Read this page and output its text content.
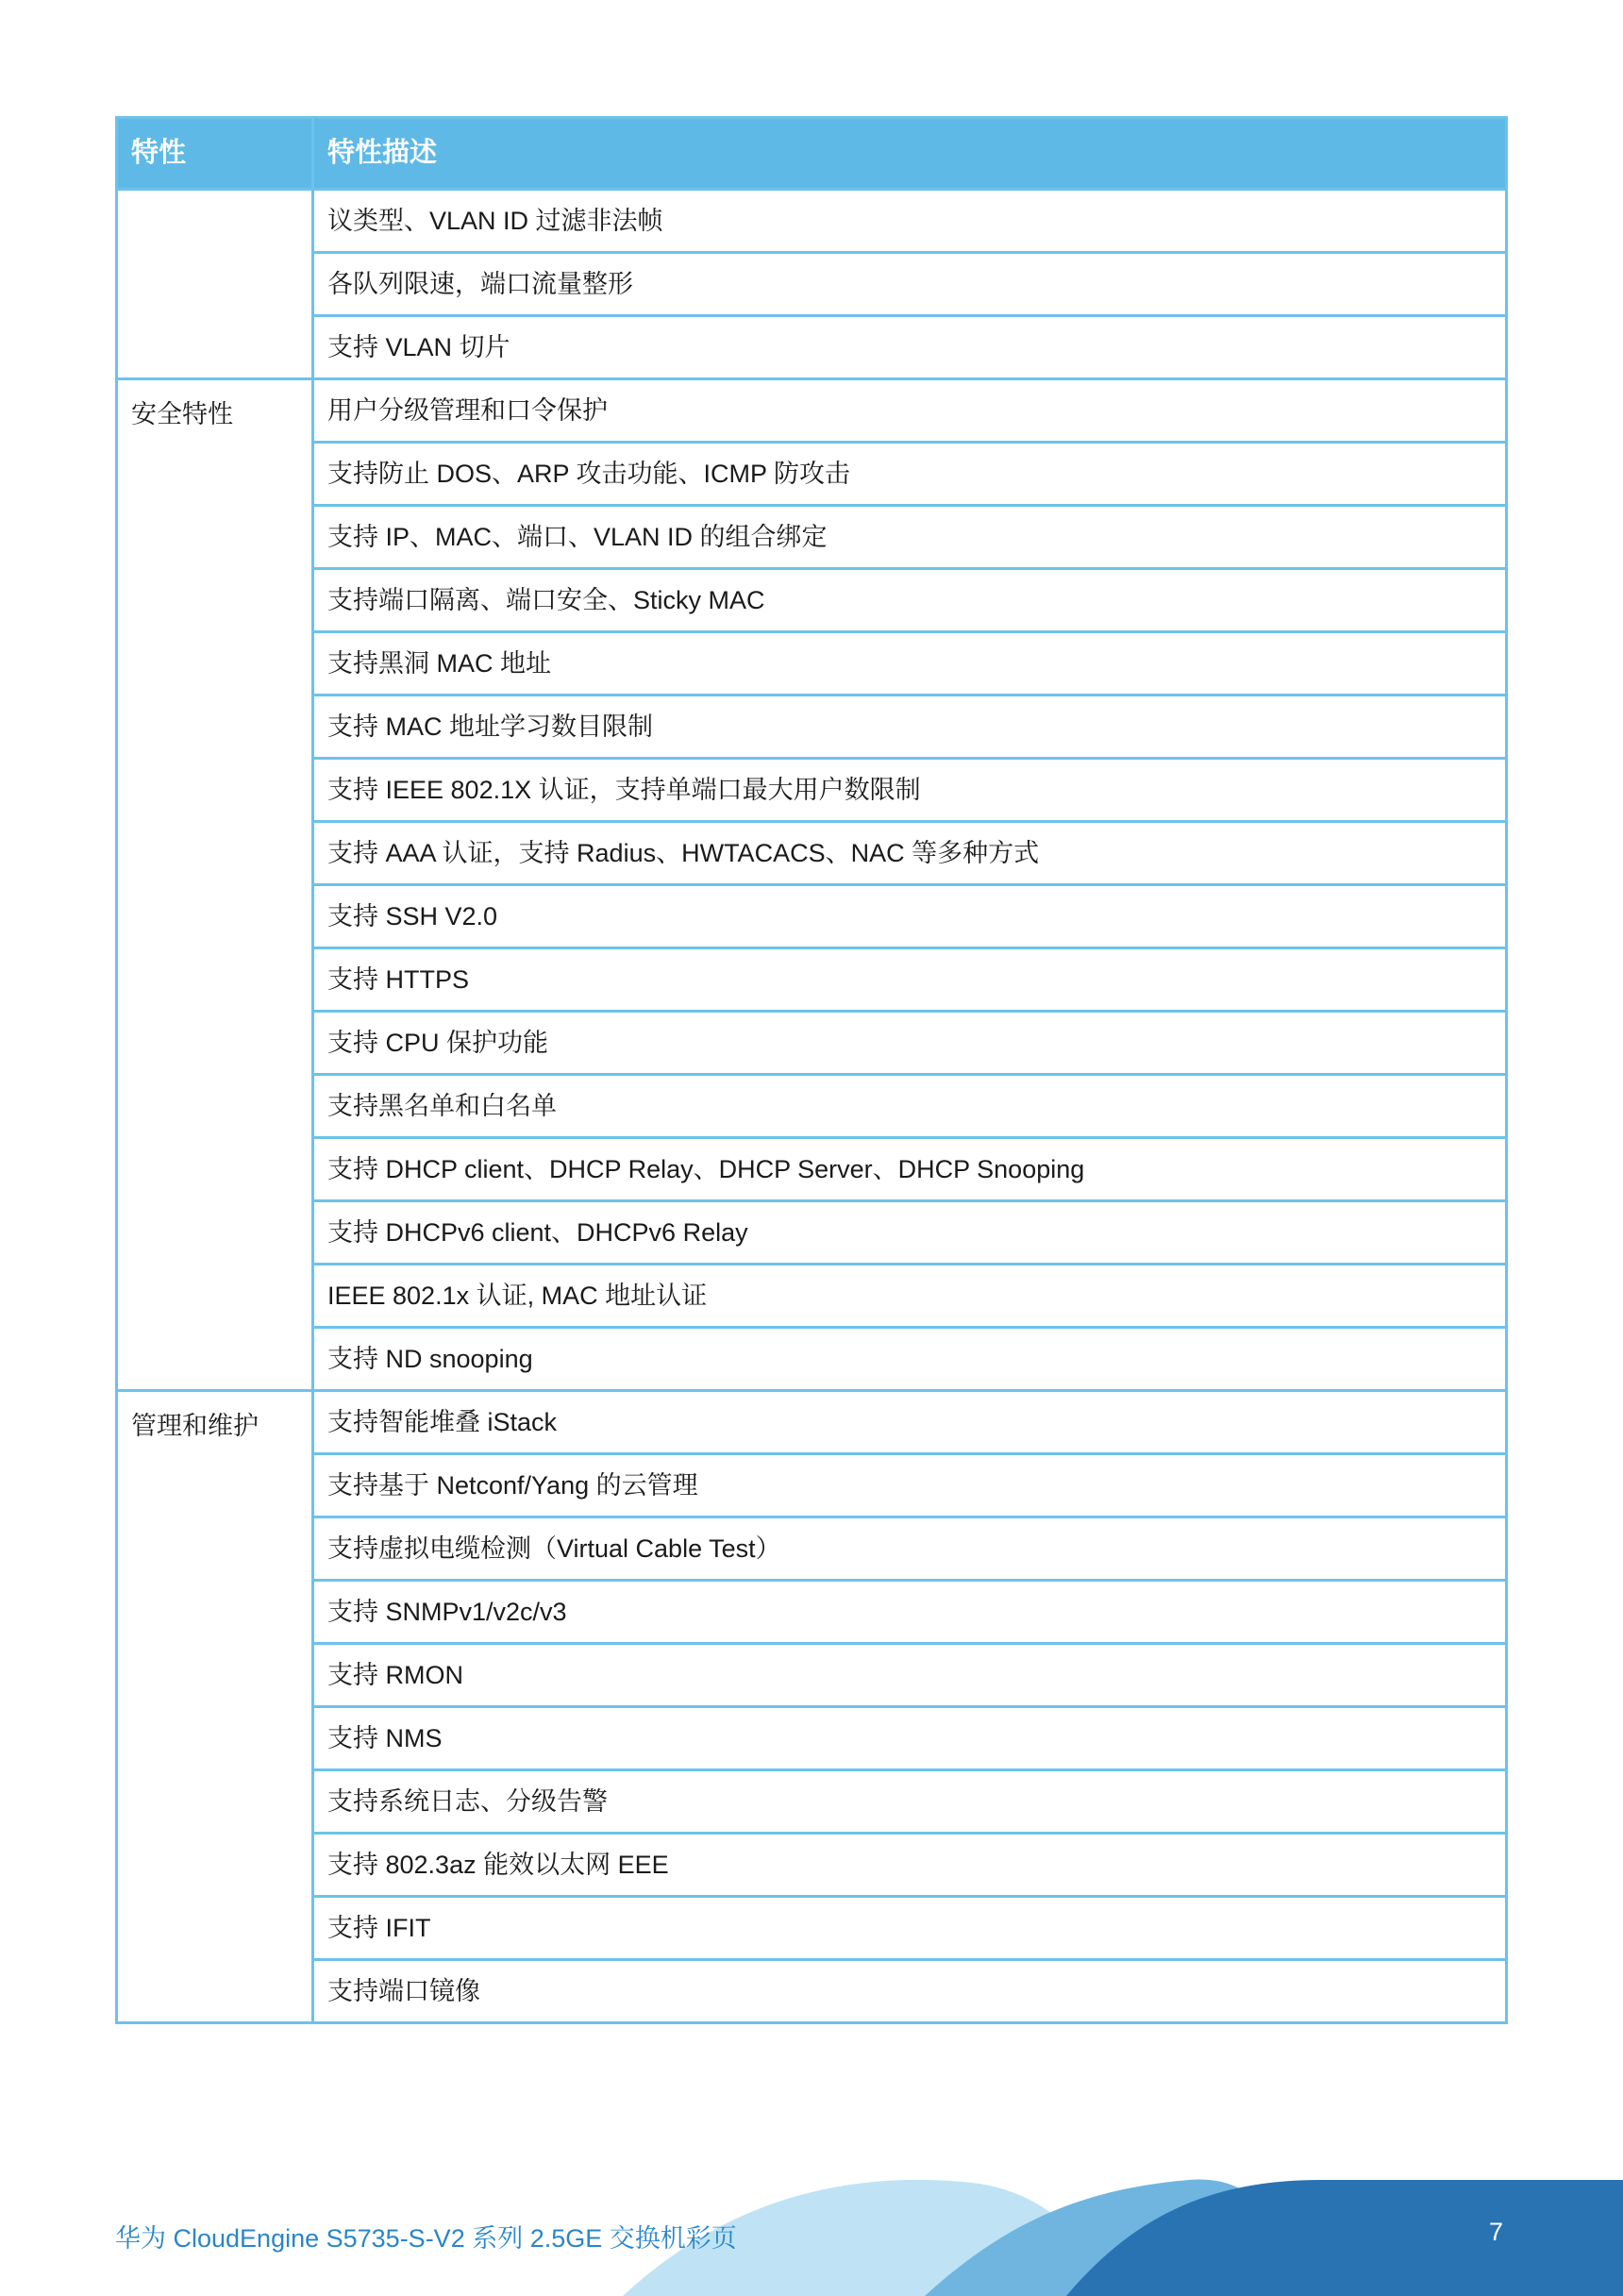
特性	特性描述
	议类型、VLAN ID 过滤非法帧
	各队列限速，端口流量整形
	支持 VLAN 切片
安全特性	用户分级管理和口令保护
	支持防止 DOS、ARP 攻击功能、ICMP 防攻击
	支持 IP、MAC、端口、VLAN ID 的组合绑定
	支持端口隔离、端口安全、Sticky MAC
	支持黑洞 MAC 地址
	支持 MAC 地址学习数目限制
	支持 IEEE 802.1X 认证，支持单端口最大用户数限制
	支持 AAA 认证，支持 Radius、HWTACACS、NAC 等多种方式
	支持 SSH V2.0
	支持 HTTPS
	支持 CPU 保护功能
	支持黑名单和白名单
	支持 DHCP client、DHCP Relay、DHCP Server、DHCP Snooping
	支持 DHCPv6 client、DHCPv6 Relay
	IEEE 802.1x 认证, MAC 地址认证
	支持 ND snooping
管理和维护	支持智能堆叠 iStack
	支持基于 Netconf/Yang 的云管理
	支持虚拟电缆检测（Virtual Cable Test）
	支持 SNMPv1/v2c/v3
	支持 RMON
	支持 NMS
	支持系统日志、分级告警
	支持 802.3az 能效以太网 EEE
	支持 IFIT
	支持端口镜像
华为 CloudEngine S5735-S-V2 系列 2.5GE 交换机彩页	7
